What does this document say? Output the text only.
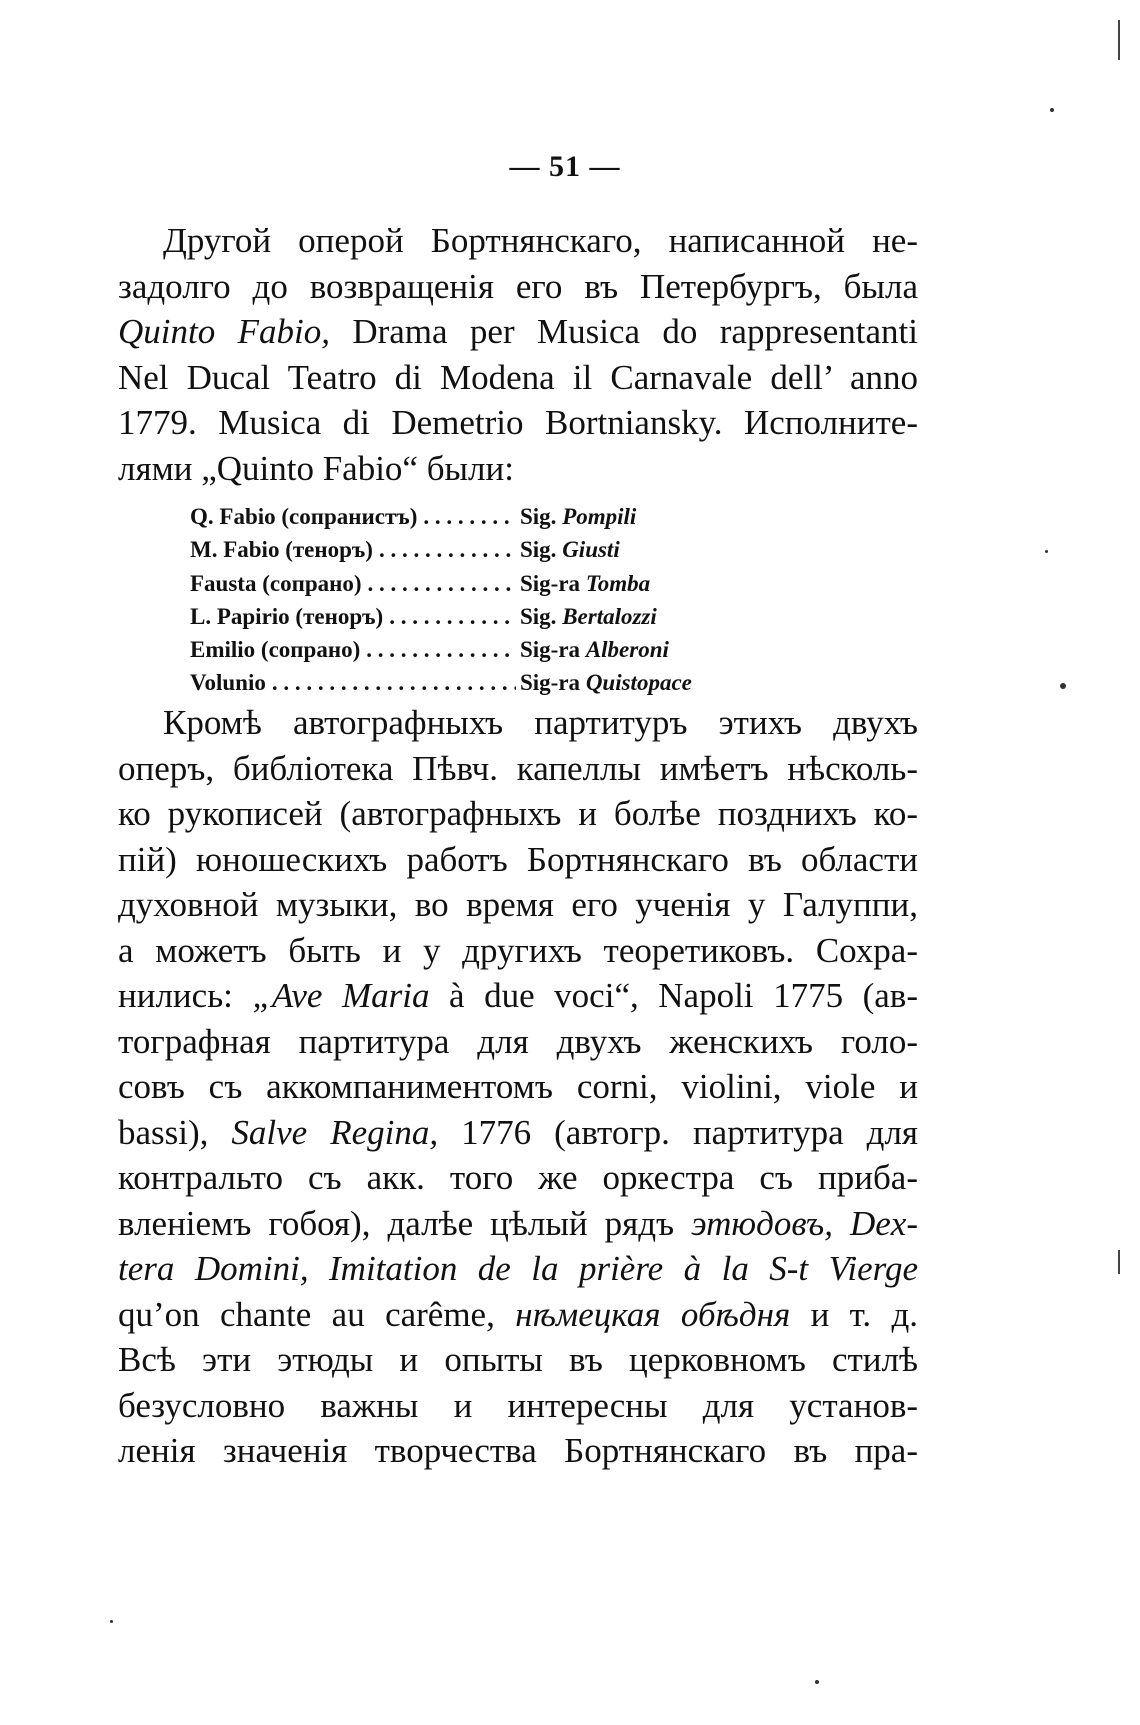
— 51 —
Другой оперой Бортнянскаго, написанной не-
задолго до возвращенія его въ Петербургъ, была
Quinto Fabio, Drama per Musica do rappresentanti
Nel Ducal Teatro di Modena il Carnavale dell’ anno
1779. Musica di Demetrio Bortniansky. Исполните-
лями „Quinto Fabio“ были:
Q. Fabio (сопранистъ) . . .	Sig. Pompili
M. Fabio (теноръ) . . .	Sig. Giusti
Fausta (сопрано) . . .	Sig-ra Tomba
L. Papirio (теноръ) . . .	Sig. Bertalozzi
Emilio (сопрано) . . .	Sig-ra Alberoni
Volunio . . .	Sig-ra Quistopace
Кромѣ автографныхъ партитуръ этихъ двухъ
оперъ, библіотека Пѣвч. капеллы имѣетъ нѣсколь-
ко рукописей (автографныхъ и болѣе позднихъ ко-
пій) юношескихъ работъ Бортнянскаго въ области
духовной музыки, во время его ученія у Галуппи,
а можетъ быть и у другихъ теоретиковъ. Сохра-
нились: „Ave Maria à due voci“, Napoli 1775 (ав-
тографная партитура для двухъ женскихъ голо-
совъ съ аккомпаниментомъ corni, violini, viole и
bassi), Salve Regina, 1776 (автогр. партитура для
контральто съ акк. того же оркестра съ прибa-
вленіемъ гобоя), далѣе цѣлый рядъ этюдовъ, Dex-
tera Domini, Imitation de la prière à la S-t Vierge
qu’on chante au carême, нѣмецкая обѣдня и т. д.
Всѣ эти этюды и опыты въ церковномъ стилѣ
безусловно важны и интересны для установ-
ленія значенія творчества Бортнянскаго въ пра-
